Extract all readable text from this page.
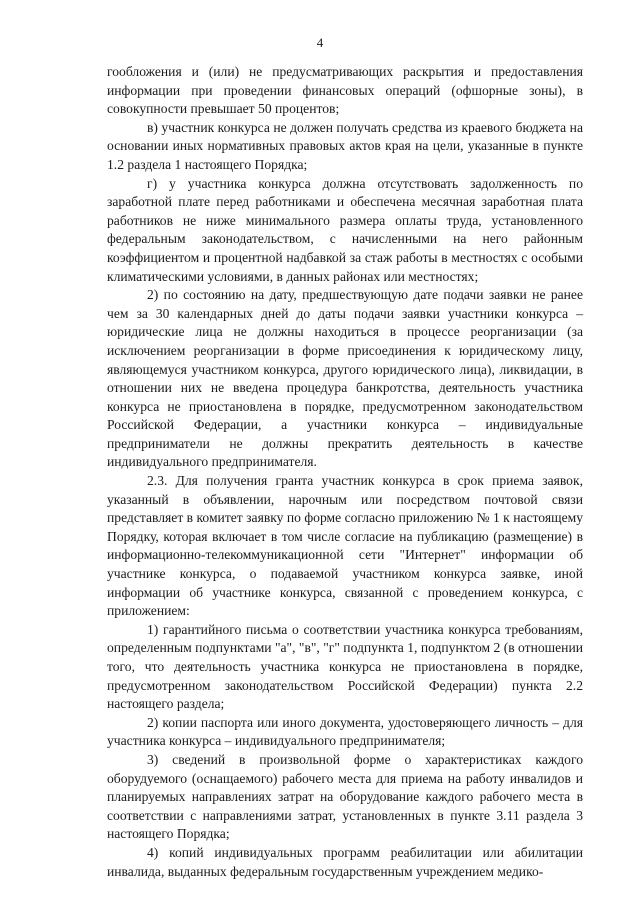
4

гообложения и (или) не предусматривающих раскрытия и предоставления информации при проведении финансовых операций (офшорные зоны), в совокупности превышает 50 процентов;

в) участник конкурса не должен получать средства из краевого бюджета на основании иных нормативных правовых актов края на цели, указанные в пункте 1.2 раздела 1 настоящего Порядка;

г) у участника конкурса должна отсутствовать задолженность по заработной плате перед работниками и обеспечена месячная заработная плата работников не ниже минимального размера оплаты труда, установленного федеральным законодательством, с начисленными на него районным коэффициентом и процентной надбавкой за стаж работы в местностях с особыми климатическими условиями, в данных районах или местностях;

2) по состоянию на дату, предшествующую дате подачи заявки не ранее чем за 30 календарных дней до даты подачи заявки участники конкурса – юридические лица не должны находиться в процессе реорганизации (за исключением реорганизации в форме присоединения к юридическому лицу, являющемуся участником конкурса, другого юридического лица), ликвидации, в отношении них не введена процедура банкротства, деятельность участника конкурса не приостановлена в порядке, предусмотренном законодательством Российской Федерации, а участники конкурса – индивидуальные предприниматели не должны прекратить деятельность в качестве индивидуального предпринимателя.

2.3. Для получения гранта участник конкурса в срок приема заявок, указанный в объявлении, нарочным или посредством почтовой связи представляет в комитет заявку по форме согласно приложению № 1 к настоящему Порядку, которая включает в том числе согласие на публикацию (размещение) в информационно-телекоммуникационной сети "Интернет" информации об участнике конкурса, о подаваемой участником конкурса заявке, иной информации об участнике конкурса, связанной с проведением конкурса, с приложением:

1) гарантийного письма о соответствии участника конкурса требованиям, определенным подпунктами "а", "в", "г" подпункта 1, подпунктом 2 (в отношении того, что деятельность участника конкурса не приостановлена в порядке, предусмотренном законодательством Российской Федерации) пункта 2.2 настоящего раздела;

2) копии паспорта или иного документа, удостоверяющего личность – для участника конкурса – индивидуального предпринимателя;

3) сведений в произвольной форме о характеристиках каждого оборудуемого (оснащаемого) рабочего места для приема на работу инвалидов и планируемых направлениях затрат на оборудование каждого рабочего места в соответствии с направлениями затрат, установленных в пункте 3.11 раздела 3 настоящего Порядка;

4) копий индивидуальных программ реабилитации или абилитации инвалида, выданных федеральным государственным учреждением медико-
